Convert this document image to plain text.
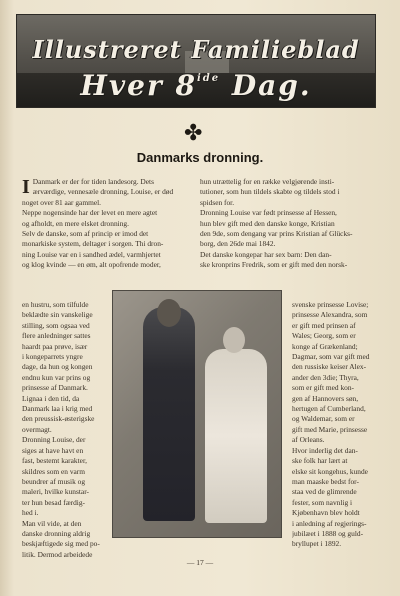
Illustreret Familieblad
Hver $8^{ide}$ Dag.
✤
Danmarks dronning.
I Danmark er der for tiden landesorg. Dets
ærværdige, vennesæle dronning, Louise, er død
noget over 81 aar gammel.
Neppe nogensinde har der levet en mere agtet
og afholdt, en mere elsket dronning.
Selv de danske, som af princip er imod det
monarkiske system, deltager i sorgen. Thi dron-
ning Louise var en i sandhed ædel, varmhjertet
og klog kvinde — en øm, alt opofrende moder,
hun utrættelig for en række velgjørende insti-
tutioner, som hun tildels skabte og tildels stod i
spidsen for.
Dronning Louise var født prinsesse af Hessen,
hun blev gift med den danske konge, Kristian
den 9de, som dengang var prins Kristian af Glücks-
borg, den 26de mai 1842.
Det danske kongepar har sex barn: Den dan-
ske kronprins Fredrik, som er gift med den norsk-
en hustru, som tilfulde
beklædte sin vanskelige
stilling, som ogsaa ved
flere anledninger sattes
haardt paa prøve, især
i kongeparrets yngre
dage, da hun og kongen
endnu kun var prins og
prinsesse af Danmark.
Lignaa i den tid, da
Danmark laa i krig med
den preussisk-østerigske
overmagt.
Dronning Louise, der
siges at have havt en
fast, bestemt karakter,
skildres som en varm
beundrer af musik og
maleri, hvilke kunstar-
ter hun besad færdig-
hed i.
Man vil vide, at den
danske dronning aldrig
beskjæftigede sig med po-
litik. Dermod arbeidede
svenske prinsesse Lovise;
prinsesse Alexandra, som
er gift med prinsen af
Wales; Georg, som er
konge af Grækenland;
Dagmar, som var gift med
den russiske keiser Alex-
ander den 3die; Thyra,
som er gift med kon-
gen af Hannovers søn,
hertugen af Cumberland,
og Waldemar, som er
gift med Marie, prinsesse
af Orleans.
Hvor inderlig det dan-
ske folk har lært at
elske sit kongehus, kunde
man maaske bedst for-
staa ved de glimrende
fester, som navnlig i
Kjøbenhavn blev holdt
i anledning af regjerings-
jubilæet i 1888 og guld-
bryllupet i 1892.
— 17 —
